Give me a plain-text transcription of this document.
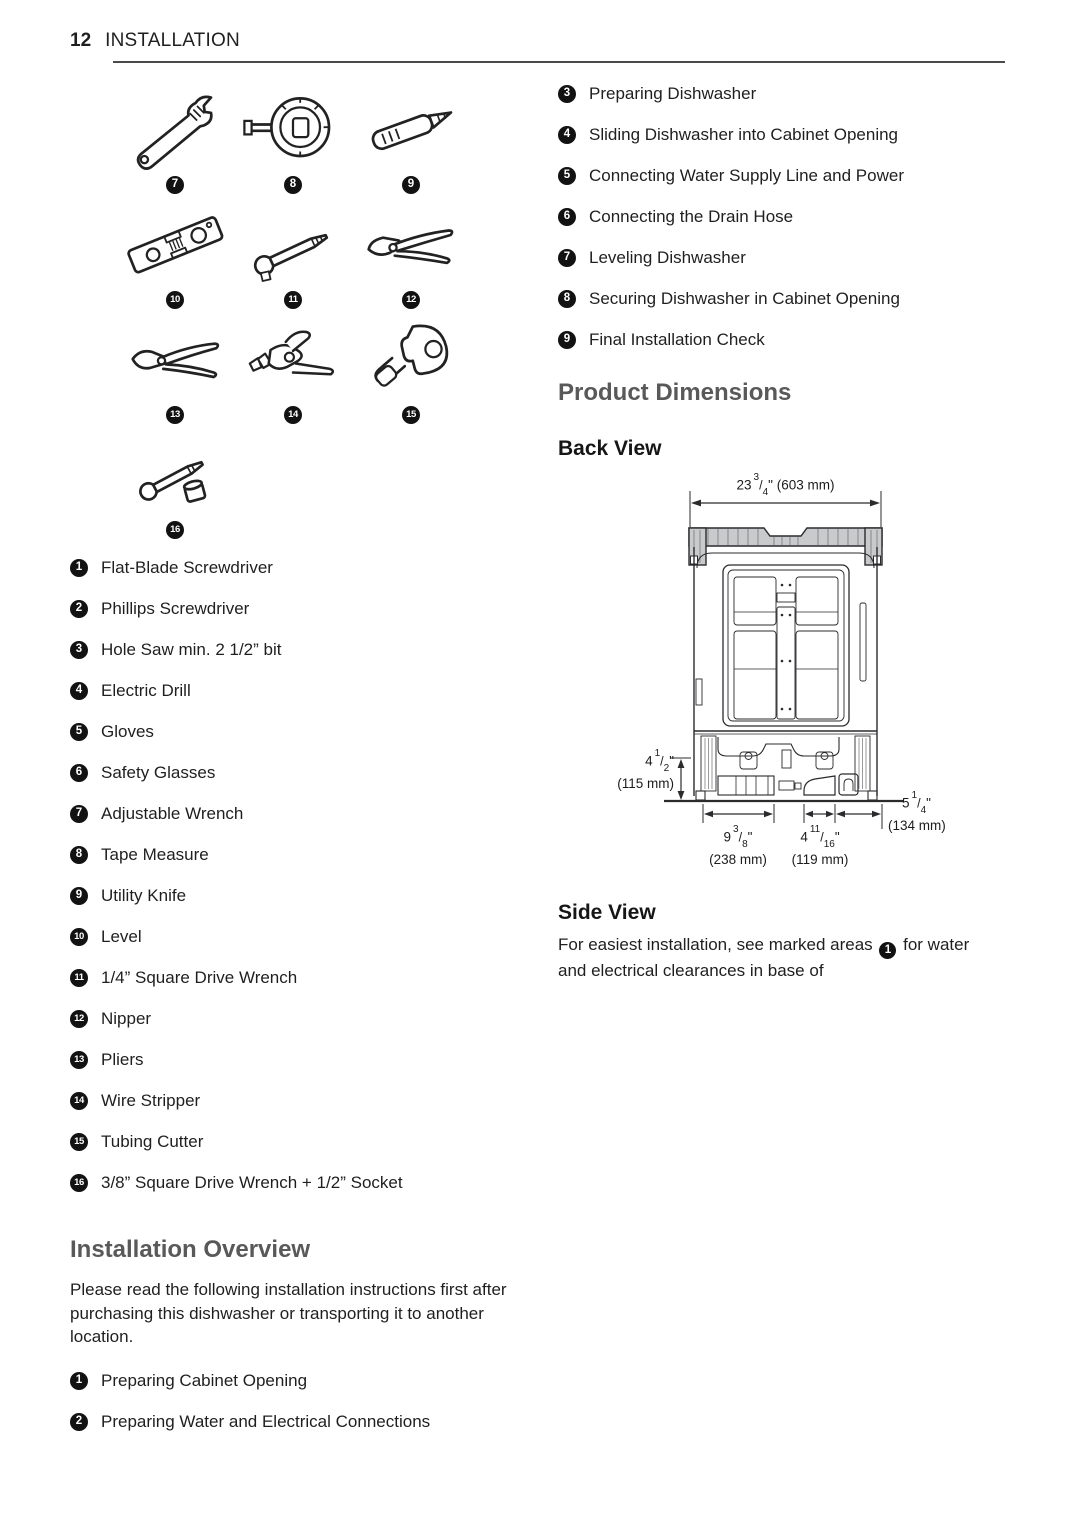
12 INSTALLATION
7	8	9
10	11	12
13	14	15
16
1	Flat-Blade Screwdriver
2	Phillips Screwdriver
3	Hole Saw min. 2 1/2” bit
4	Electric Drill
5	Gloves
6	Safety Glasses
7	Adjustable Wrench
8	Tape Measure
9	Utility Knife
10 Level
11 1/4” Square Drive Wrench
12 Nipper
13 Pliers
14 Wire Stripper
15 Tubing Cutter
16 3/8” Square Drive Wrench + 1/2” Socket
Installation Overview

Please read the following installation instructions first after purchasing this dishwasher or transporting it to another location.

1	Preparing Cabinet Opening
2	Preparing Water and Electrical Connections
3	Preparing Dishwasher
4	Sliding Dishwasher into Cabinet Opening
5	Connecting Water Supply Line and Power
6	Connecting the Drain Hose
7	Leveling Dishwasher
8	Securing Dishwasher in Cabinet Opening
9	Final Installation Check
Product Dimensions
Back View
$23^3/_4$" (603 mm)
$4^1/_2$"
(115 mm)
$9^3/_8$"
(238 mm)
$4^{11}/_{16}$"
(119 mm)
$5^1/_4$"
(134 mm)
Side View

For easiest installation, see marked areas 1 for water and electrical clearances in base of
